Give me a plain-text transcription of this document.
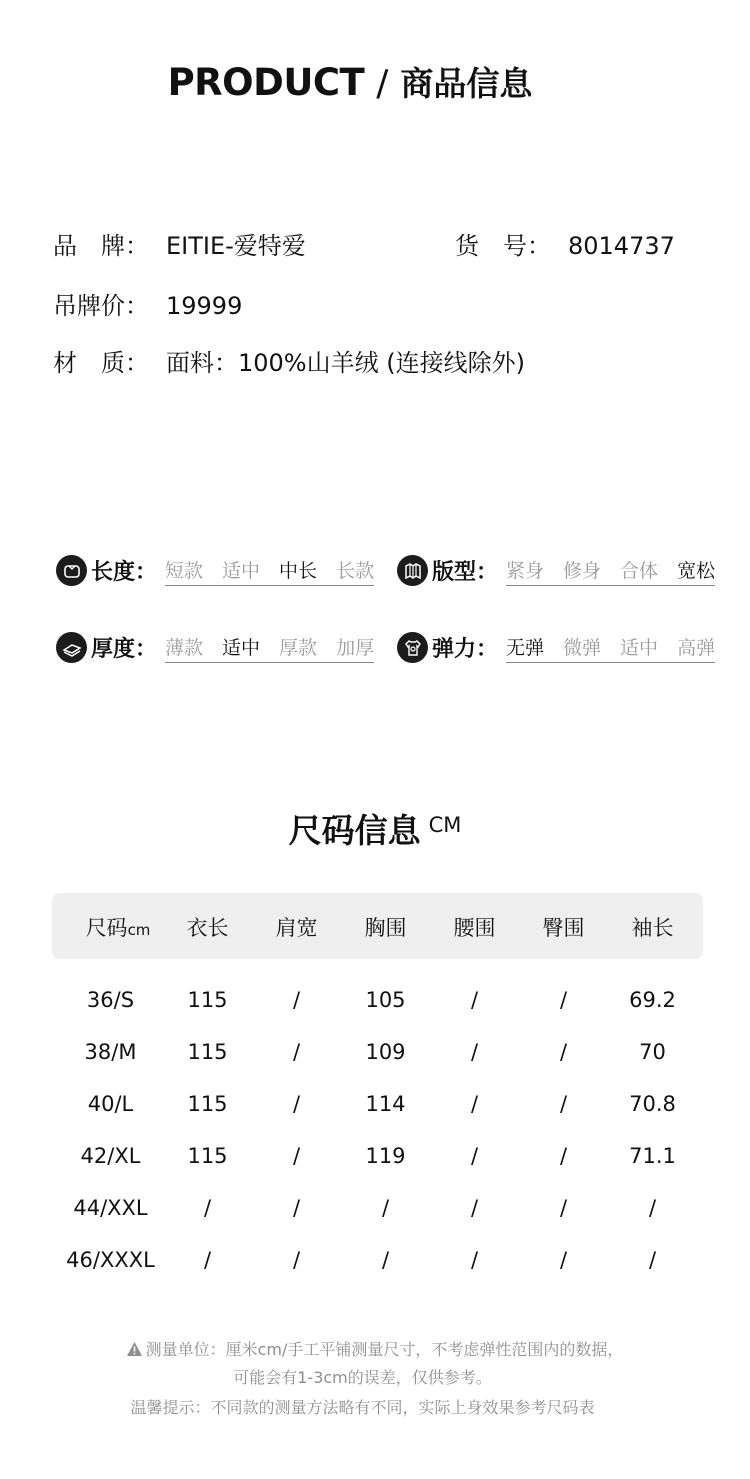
PRODUCT / 商品信息
品　牌： EITIE-爱特爱	货　号： 8014737
吊牌价： 19999
材　质： 面料：100%山羊绒 (连接线除外)
长度： 短款 适中 中长 长款	版型： 紧身 修身 合体 宽松
厚度： 薄款 适中 厚款 加厚	弹力： 无弹 微弹 适中 高弹
尺码信息 CM
尺码cm	衣长	肩宽	胸围	腰围	臀围	袖长
36/S	115	/	105	/	/	69.2
38/M	115	/	109	/	/	70
40/L	115	/	114	/	/	70.8
42/XL	115	/	119	/	/	71.1
44/XXL	/	/	/	/	/	/
46/XXXL	/	/	/	/	/	/
测量单位：厘米cm/手工平铺测量尺寸，不考虑弹性范围内的数据，
可能会有1-3cm的误差，仅供参考。
温馨提示：不同款的测量方法略有不同，实际上身效果参考尺码表
